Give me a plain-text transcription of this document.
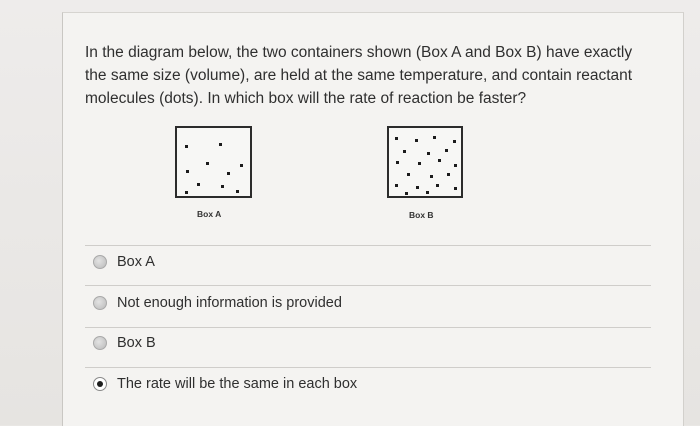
In the diagram below, the two containers shown (Box A and Box B) have exactly the same size (volume), are held at the same temperature, and contain reactant molecules (dots). In which box will the rate of reaction be faster?
Box A	Box B
Box A
Not enough information is provided
Box B
The rate will be the same in each box
